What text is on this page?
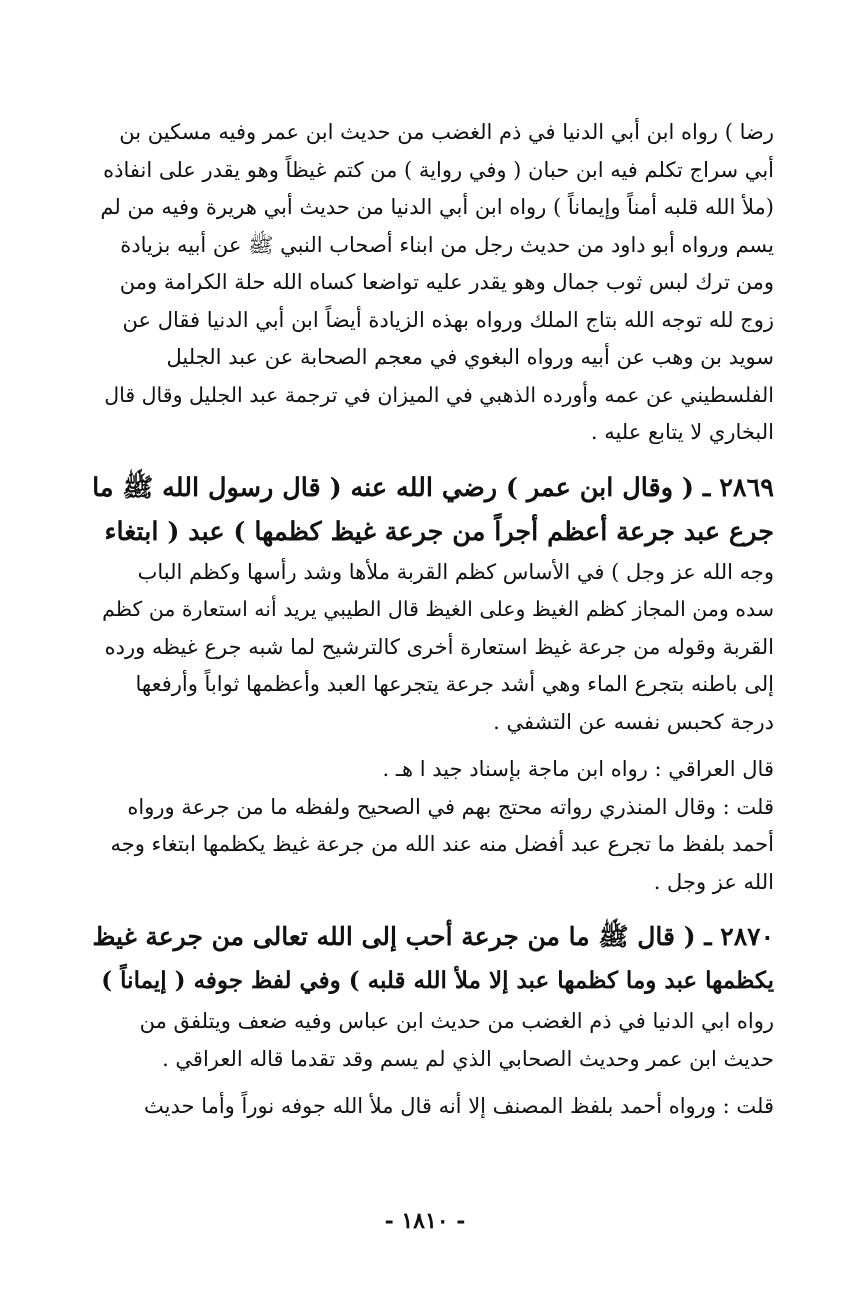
رضا ) رواه ابن أبي الدنيا في ذم الغضب من حديث ابن عمر وفيه مسكين بن
أبي سراج تكلم فيه ابن حبان ( وفي رواية ) من كتم غيظاً وهو يقدر على انفاذه
(ملأ الله قلبه أمناً وإيماناً ) رواه ابن أبي الدنيا من حديث أبي هريرة وفيه من لم
يسم ورواه أبو داود من حديث رجل من ابناء أصحاب النبي ﷺ عن أبيه بزيادة
ومن ترك لبس ثوب جمال وهو يقدر عليه تواضعا كساه الله حلة الكرامة ومن
زوج لله توجه الله بتاج الملك ورواه بهذه الزيادة أيضاً ابن أبي الدنيا فقال عن
سويد بن وهب عن أبيه ورواه البغوي في معجم الصحابة عن عبد الجليل
الفلسطيني عن عمه وأورده الذهبي في الميزان في ترجمة عبد الجليل وقال قال
البخاري لا يتابع عليه .
٢٨٦٩ ـ ( وقال ابن عمر ) رضي الله عنه ( قال رسول الله ﷺ ما
جرع عبد جرعة أعظم أجراً من جرعة غيظ كظمها ) عبد ( ابتغاء
وجه الله عز وجل ) في الأساس كظم القربة ملأها وشد رأسها وكظم الباب
سده ومن المجاز كظم الغيظ وعلى الغيظ قال الطيبي يريد أنه استعارة من كظم
القربة وقوله من جرعة غيظ استعارة أخرى كالترشيح لما شبه جرع غيظه ورده
إلى باطنه بتجرع الماء وهي أشد جرعة يتجرعها العبد وأعظمها ثواباً وأرفعها
درجة كحبس نفسه عن التشفي .
قال العراقي : رواه ابن ماجة بإسناد جيد ا هـ .
قلت : وقال المنذري رواته محتج بهم في الصحيح ولفظه ما من جرعة ورواه
أحمد بلفظ ما تجرع عبد أفضل منه عند الله من جرعة غيظ يكظمها ابتغاء وجه
الله عز وجل .
٢٨٧٠ ـ ( قال ﷺ ما من جرعة أحب إلى الله تعالى من جرعة غيظ
يكظمها عبد وما كظمها عبد إلا ملأ الله قلبه ) وفي لفظ جوفه ( إيماناً )
رواه ابي الدنيا في ذم الغضب من حديث ابن عباس وفيه ضعف ويتلفق من
حديث ابن عمر وحديث الصحابي الذي لم يسم وقد تقدما قاله العراقي .
قلت : ورواه أحمد بلفظ المصنف إلا أنه قال ملأ الله جوفه نوراً وأما حديث
- ١٨١٠ -
